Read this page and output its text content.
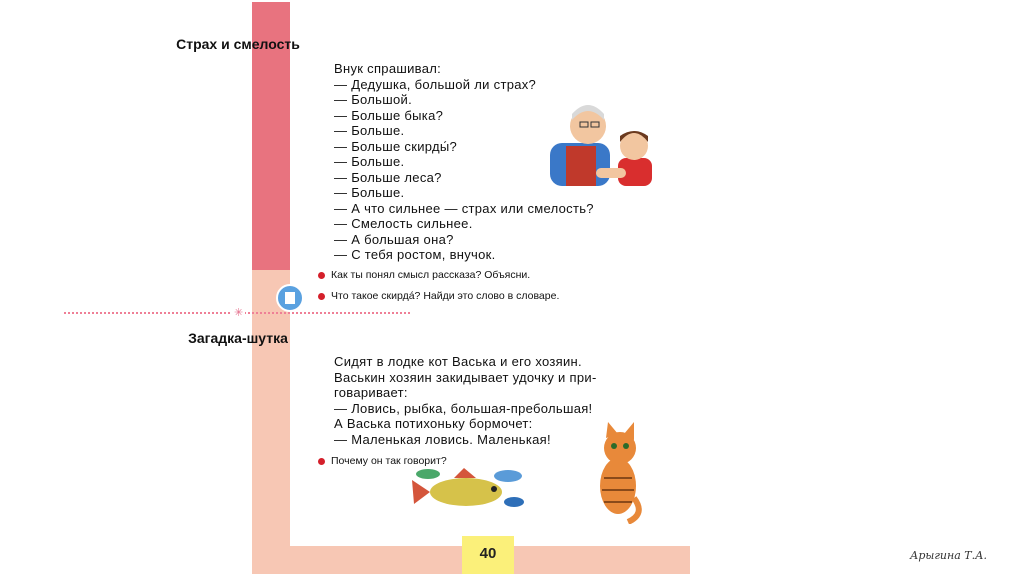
40
Страх и смелость
Внук спрашивал:
— Дедушка, большой ли страх?
— Большой.
— Больше быка?
— Больше.
— Больше скирды́?
— Больше.
— Больше леса?
— Больше.
— А что сильнее — страх или смелость?
— Смелость сильнее.
— А большая она?
— С тебя ростом, внучок.
Как ты понял смысл рассказа? Объясни.
Что такое скирда́? Найди это слово в словаре.
✳
Загадка-шутка
Сидят в лодке кот Васька и его хозяин.
Васькин хозяин закидывает удочку и при-
говаривает:
— Ловись, рыбка, большая-пребольшая!
А Васька потихоньку бормочет:
— Маленькая ловись. Маленькая!
Почему он так говорит?
Арыгина Т.А.
